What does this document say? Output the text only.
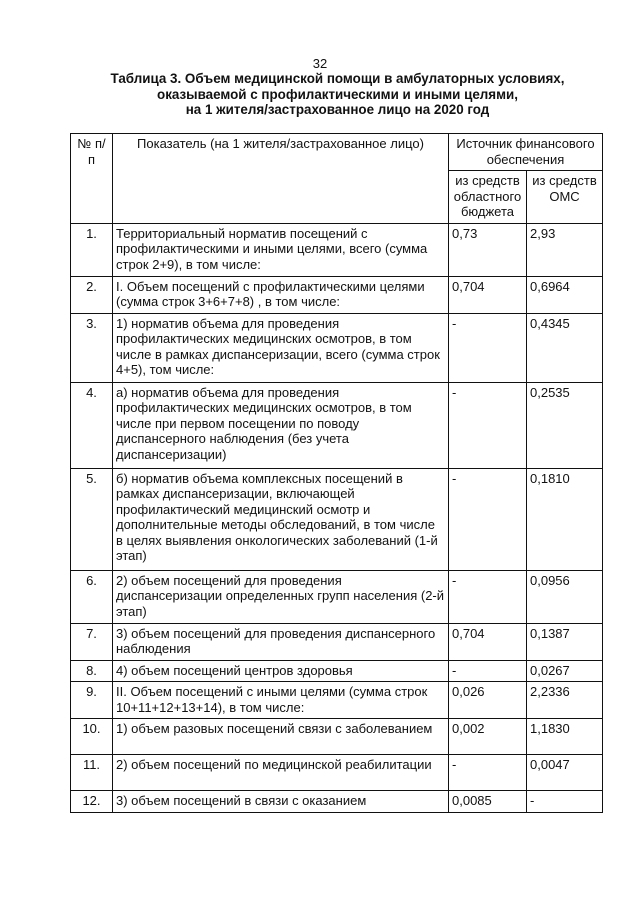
32
Таблица 3. Объем медицинской помощи в амбулаторных условиях,
оказываемой с профилактическими и иными целями,
на 1 жителя/застрахованное лицо на 2020 год
№ п/п	Показатель (на 1 жителя/застрахованное лицо)	Источник финансового обеспечения	
		из средств областного бюджета	из средств ОМС
1.	Территориальный норматив посещений с профилактическими и иными целями, всего (сумма строк 2+9), в том числе:	0,73	2,93
2.	I. Объем посещений с профилактическими целями (сумма строк 3+6+7+8) , в том числе:	0,704	0,6964
3.	1) норматив объема для проведения профилактических медицинских осмотров, в том числе в рамках диспансеризации, всего (сумма строк 4+5), том числе:	-	0,4345
4.	а) норматив объема для проведения профилактических медицинских осмотров, в том числе при первом посещении по поводу диспансерного наблюдения (без учета диспансеризации)	-	0,2535
5.	б) норматив объема комплексных посещений в рамках диспансеризации, включающей профилактический медицинский осмотр и дополнительные методы обследований, в том числе в целях выявления онкологических заболеваний (1-й этап)	-	0,1810
6.	2) объем посещений для проведения диспансеризации определенных групп населения (2-й этап)	-	0,0956
7.	3) объем посещений для проведения диспансерного наблюдения	0,704	0,1387
8.	4) объем посещений центров здоровья	-	0,0267
9.	II. Объем посещений с иными целями (сумма строк 10+11+12+13+14), в том числе:	0,026	2,2336
10.	1) объем разовых посещений связи с заболеванием	0,002	1,1830
11.	2) объем посещений по медицинской реабилитации	-	0,0047
12.	3) объем посещений в связи с оказанием	0,0085	-
